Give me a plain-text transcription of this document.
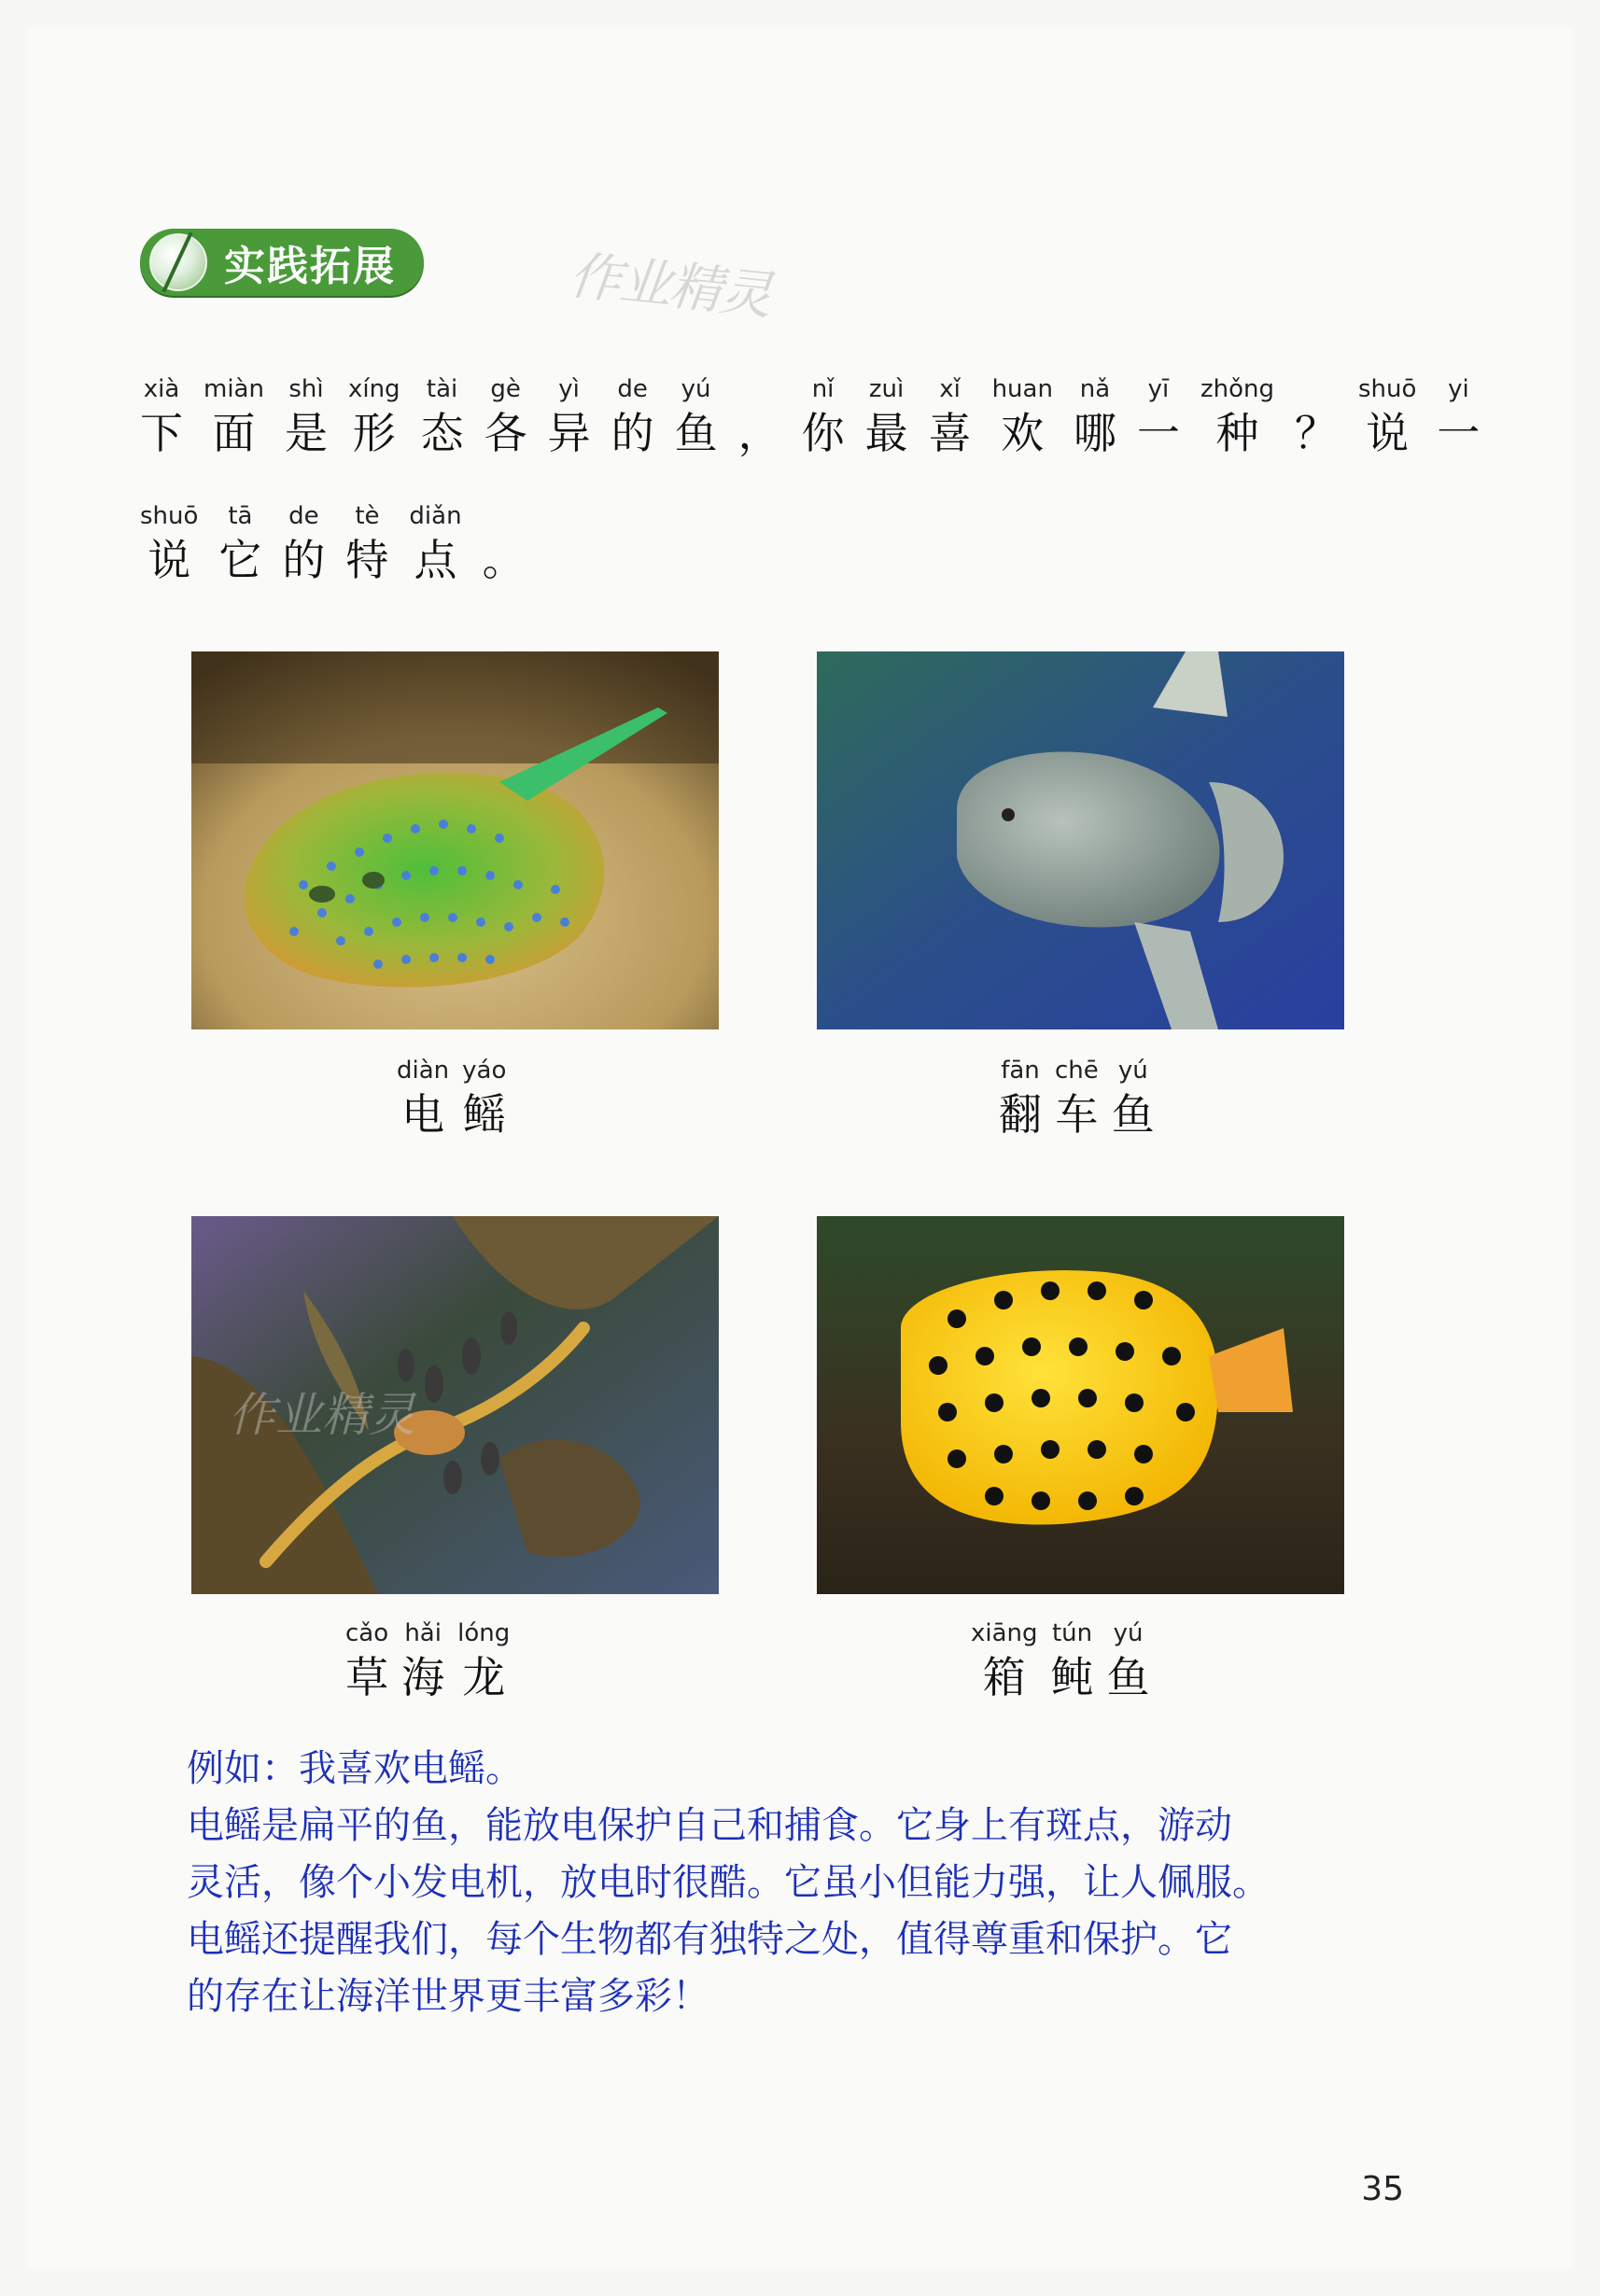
实践拓展	作业精灵
xià
下
miàn
面
shì
是
xíng
形
tài
态
gè
各
yì
异
de
的
yú
鱼 ，
nǐ
你
zuì
最
xǐ
喜
huan
欢
nǎ
哪
yī
一
zhǒng
种 ？
shuō
说
yi
一
shuō
说
tā
它
de
的
tè
特
diǎn
点 。
diàn
电
yáo
鳐
fān
翻
chē
车
yú
鱼
作业精灵
cǎo
草
hǎi
海
lóng
龙
xiāng
箱
tún
鲀
yú
鱼

例如：我喜欢电鳐。

电鳐是扁平的鱼，能放电保护自己和捕食。它身上有斑点，游动

灵活，像个小发电机，放电时很酷。它虽小但能力强，让人佩服。

电鳐还提醒我们，每个生物都有独特之处，值得尊重和保护。它

的存在让海洋世界更丰富多彩！

35
